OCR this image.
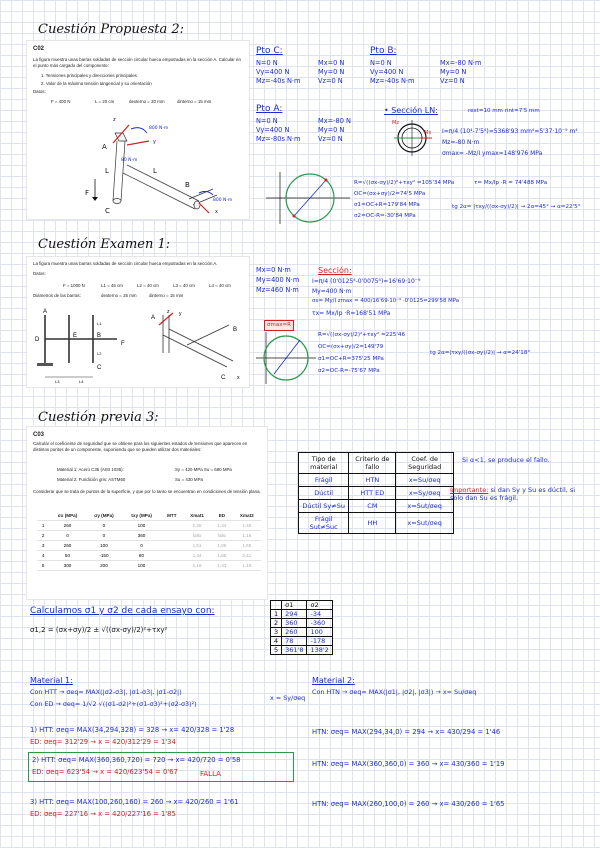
Cuestión Propuesta 2:
C02
La figura muestra unas barras soldadas de sección circular hueca empotradas en la sección A. Calcular en el punto más cargado del componente:
1. Tensiones principales y direcciones principales
2. Valor de la máxima tensión tangencial y su orientación
Datos:
F = 400 N	L = 20 cm	dexterno = 20 mm	dinterno = 15 mm
A
L
L
B
F
C
800 N·m
80 N·m
800 N·m
x
z
y
Pto C:
N=0 N
Vy=400 N
Mz=-40s N·m
Mx=0 N
My=0 N
Vz=0 N
Pto B:
N=0 N
Vy=400 N
Mz=-40s N·m
Mx=-80 N·m
My=0 N
Vz=0 N
Pto A:
N=0 N
Vy=400 N
Mz=-80s N·m
Mx=-80 N
My=0 N
Vz=0 N
• Sección LN:	rext=10 mm rint=7'5 mm
Mx
Mz
I=π/4 (10⁴-7'5⁴)=5368'93 mm⁴=5'37·10⁻⁹ m⁴
Mz=-80 N·m
σmax= -Mz/I ymax=148'976 MPa
R=√((σx-σy)/2)²+τxy² =105'34 MPa
OC=(σx+σy)/2=74'5 MPa
σ1=OC+R=179'84 MPa
σ2=OC-R=-30'84 MPa
τ= Mx/Ip ·R = 74'488 MPa
tg 2α= |τxy/((σx-σy)/2)| → 2α=45° → α=22'5°
Cuestión Examen 1:
La figura muestra unas barras soldadas de sección circular hueca empotradas en la sección A.
Datos:
F = 1000 N	L1 = 45 cm	L2 = 40 cm	L3 = 40 cm	L4 = 40 cm
Diámetros de las barras:	dexterno = 25 mm	dinterno = 15 mm
A
D
E	B
C
F
L1
L2
L3	L4
A
B
C
z
x
y
Mx=0 N·m
My=400 N·m
Mz=460 N·m
Sección:
I=π/4 (0'0125⁴-0'0075⁴)=16'69·10⁻⁹
My=400 N·m
σx= My/I zmax = 400/16'69·10⁻⁹ ·0'0125=299'58 MPa
τx= Mx/Ip ·R=168'51 MPa
σmax=R
R=√((σx-σy)/2)²+τxy² =225'46
OC=(σx+σy)/2=149'79
σ1=OC+R=375'25 MPa
σ2=OC-R=-75'67 MPa
tg 2α=|τxy/((σx-σy)/2)| → α=24'18°
Cuestión previa 3:
C03
Calcular el coeficiente de seguridad que se obtiene para los siguientes estados de tensiones que aparecen en distintos puntos de un componente, suponiendo que se pueden utilizar dos materiales:
Material 1: Acero C35 (AISI 1035):	Sy = 420 MPa Su = 680 MPa
Material 2: Fundición gris: ASTM60	Su = 430 MPa
Considerar que se trata de puntos de la superficie, y que por lo tanto se encuentran en condiciones de tensión plana.
	σx (MPa)	σy (MPa)	τxy (MPa)	MTT	Xmat1	ED	Xmat2
1	260	0	100		1,28	1,34	1,46
2	0	0	360		fallo	fallo	1,19
3	260	100	0		1,61	1,85	1,65
4	50	-150	80		1,44	1,85	2,41
5	300	200	100		1,16	1,33	1,19
Tipo de material	Criterio de fallo	Coef. de Seguridad
Frágil	HTN	x=Su/σeq
Dúctil	HTT ED	x=Sy/σeq
Dúctil Sy≠Su	CM	x=Sut/σeq
Frágil Sut≠Suc	HH	x=Sut/σeq
Si α<1, se produce el fallo.
Importante: si dan Sy y Su es dúctil, si solo dan Su es frágil.
Calculamos σ1 y σ2 de cada ensayo con:
σ1,2 = (σx+σy)/2 ± √((σx-σy)/2)²+τxy²
	σ1	σ2
1	294	-34
2	360	-360
3	260	100
4	78	-178
5	361'8	138'2
Material 1:
Con HTT → σeq= MAX(|σ2-σ3|, |σ1-σ3|, |σ1-σ2|)
Con ED → σeq= 1/√2 √((σ1-σ2)²+(σ1-σ3)²+(σ2-σ3)²)
x = Sy/σeq
Material 2:
Con HTN → σeq= MAX(|σ1|, |σ2|, |σ3|) → x= Su/σeq
1) HTT: σeq= MAX(34,294,328) = 328 → x= 420/328 = 1'28
ED: σeq= 312'29 → x = 420/312'29 = 1'34
2) HTT: σeq= MAX(360,360,720) = 720 → x= 420/720 = 0'58
ED: σeq= 623'54 → x = 420/623'54 = 0'67	FALLA
3) HTT: σeq= MAX(100,260,160) = 260 → x= 420/260 = 1'61
ED: σeq= 227'16 → x = 420/227'16 = 1'85
HTN: σeq= MAX(294,34,0) = 294 → x= 430/294 = 1'46
HTN: σeq= MAX(360,360,0) = 360 → x= 430/360 = 1'19
HTN: σeq= MAX(260,100,0) = 260 → x= 430/260 = 1'65
